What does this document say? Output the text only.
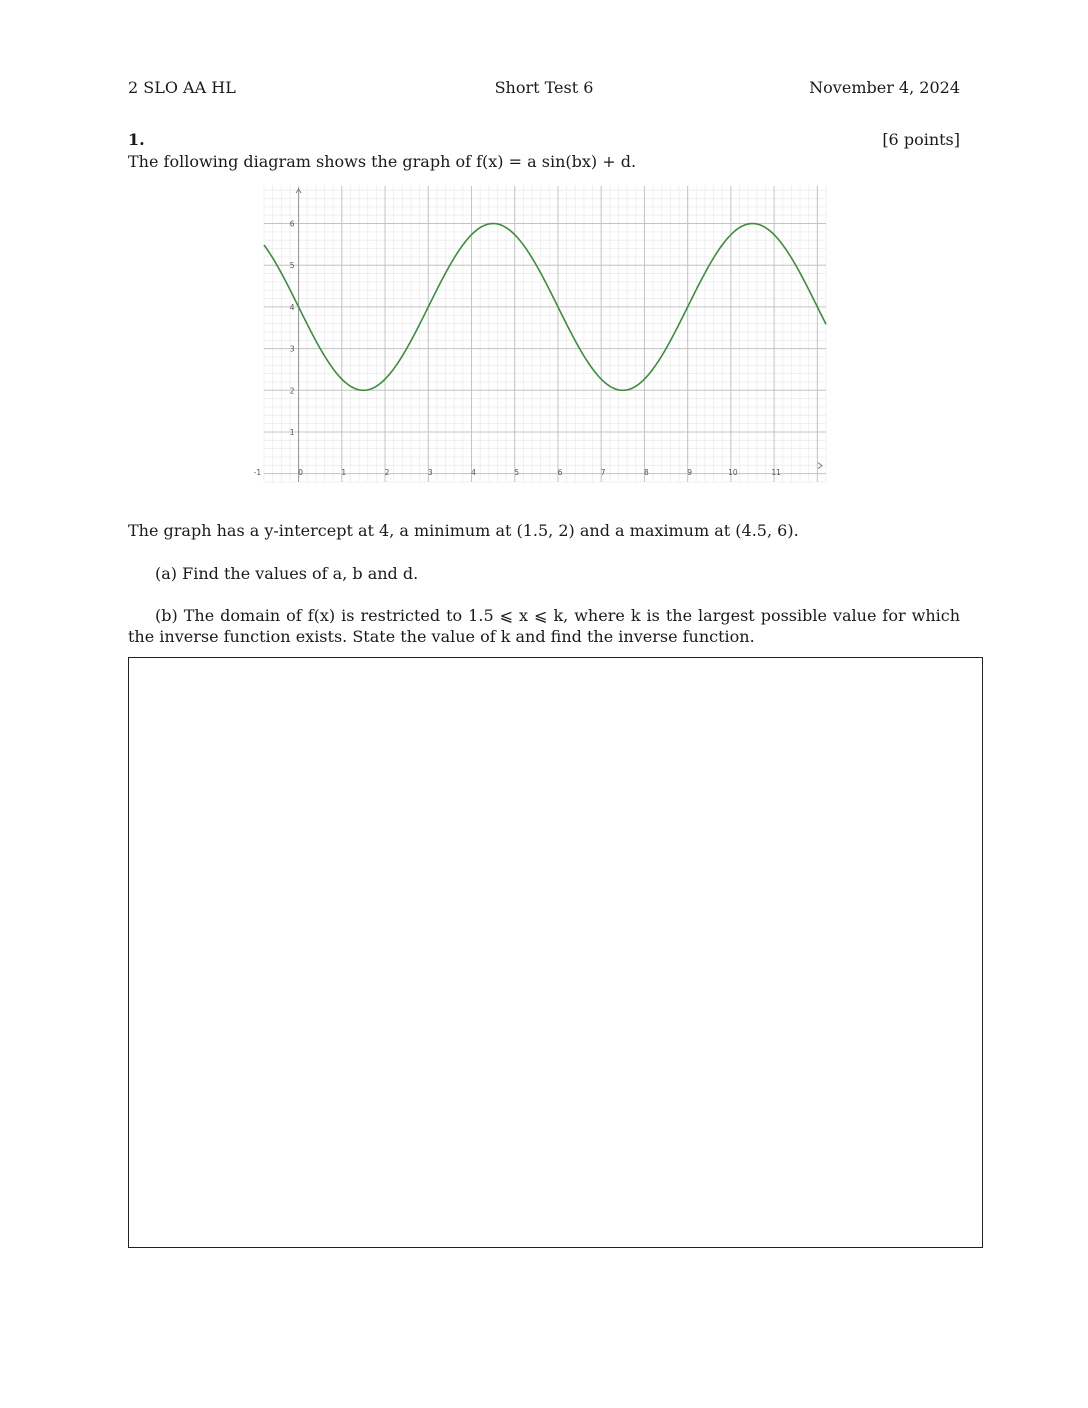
2 SLO AA HL	Short Test 6	November 4, 2024
1.	[6 points]
The following diagram shows the graph of f(x) = a sin(bx) + d.
-1	0	1	2	3	4	5	6	7	8	9	10	11
1
2
3
4
5
6
The graph has a y-intercept at 4, a minimum at (1.5, 2) and a maximum at (4.5, 6).
(a) Find the values of a, b and d.
(b) The domain of f(x) is restricted to 1.5 ⩽ x ⩽ k, where k is the largest possible value for which the inverse function exists. State the value of k and find the inverse function.
